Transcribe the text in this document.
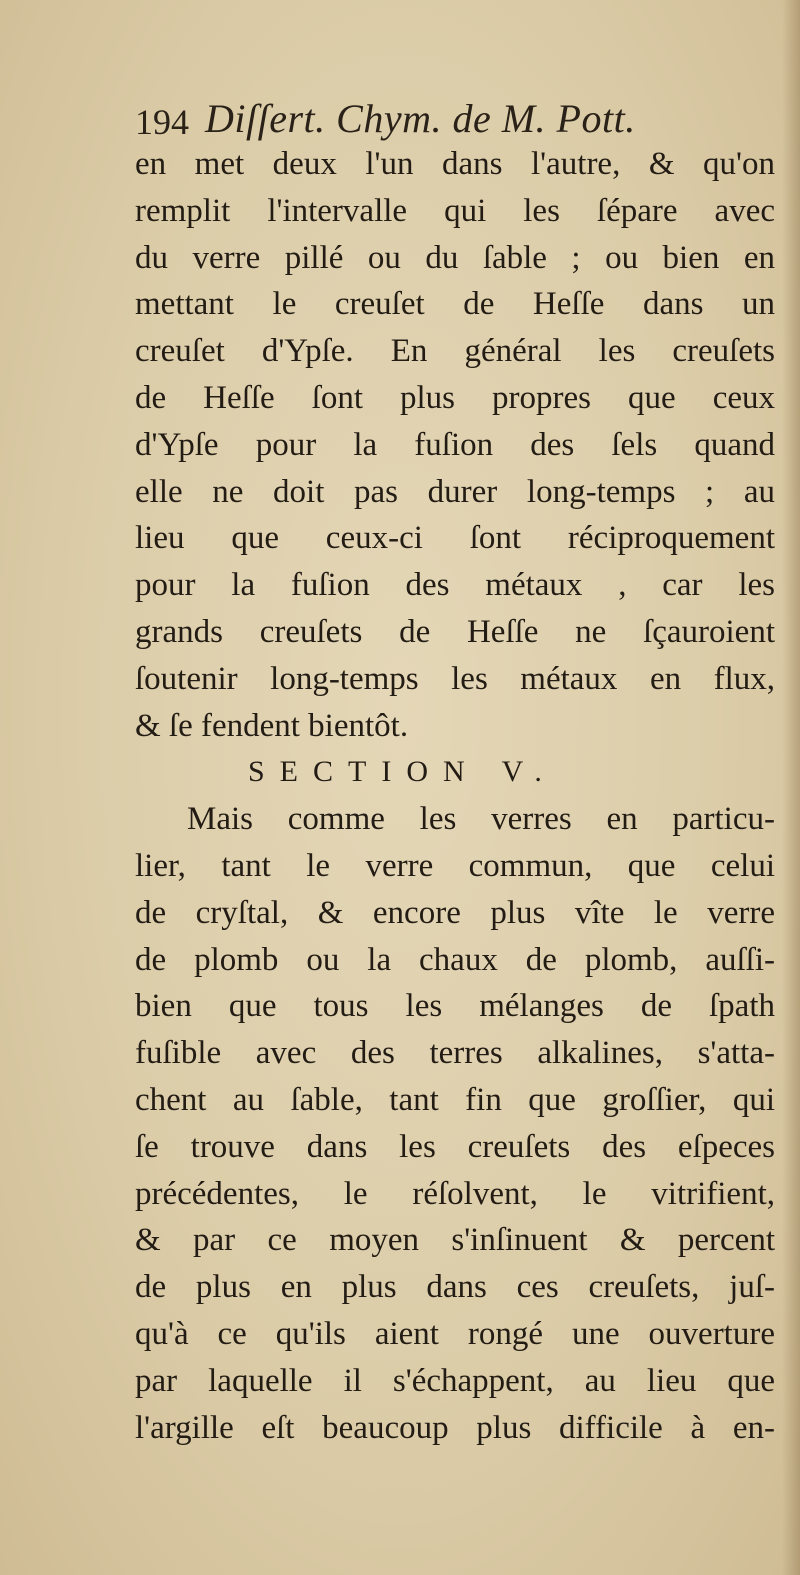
194 Diſſert. Chym. de M. Pott.
en met deux l'un dans l'autre, & qu'on
remplit l'intervalle qui les ſépare avec
du verre pillé ou du ſable ; ou bien en
mettant le creuſet de Heſſe dans un
creuſet d'Ypſe. En général les creuſets
de Heſſe ſont plus propres que ceux
d'Ypſe pour la fuſion des ſels quand
elle ne doit pas durer long-temps ; au
lieu que ceux-ci ſont réciproquement
pour la fuſion des métaux , car les
grands creuſets de Heſſe ne ſçauroient
ſoutenir long-temps les métaux en flux,
& ſe fendent bientôt.
SECTION V.
Mais comme les verres en particu-
lier, tant le verre commun, que celui
de cryſtal, & encore plus vîte le verre
de plomb ou la chaux de plomb, auſſi-
bien que tous les mélanges de ſpath
fuſible avec des terres alkalines, s'atta-
chent au ſable, tant fin que groſſier, qui
ſe trouve dans les creuſets des eſpeces
précédentes, le réſolvent, le vitrifient,
& par ce moyen s'inſinuent & percent
de plus en plus dans ces creuſets, juſ-
qu'à ce qu'ils aient rongé une ouverture
par laquelle il s'échappent, au lieu que
l'argille eſt beaucoup plus difficile à en-
